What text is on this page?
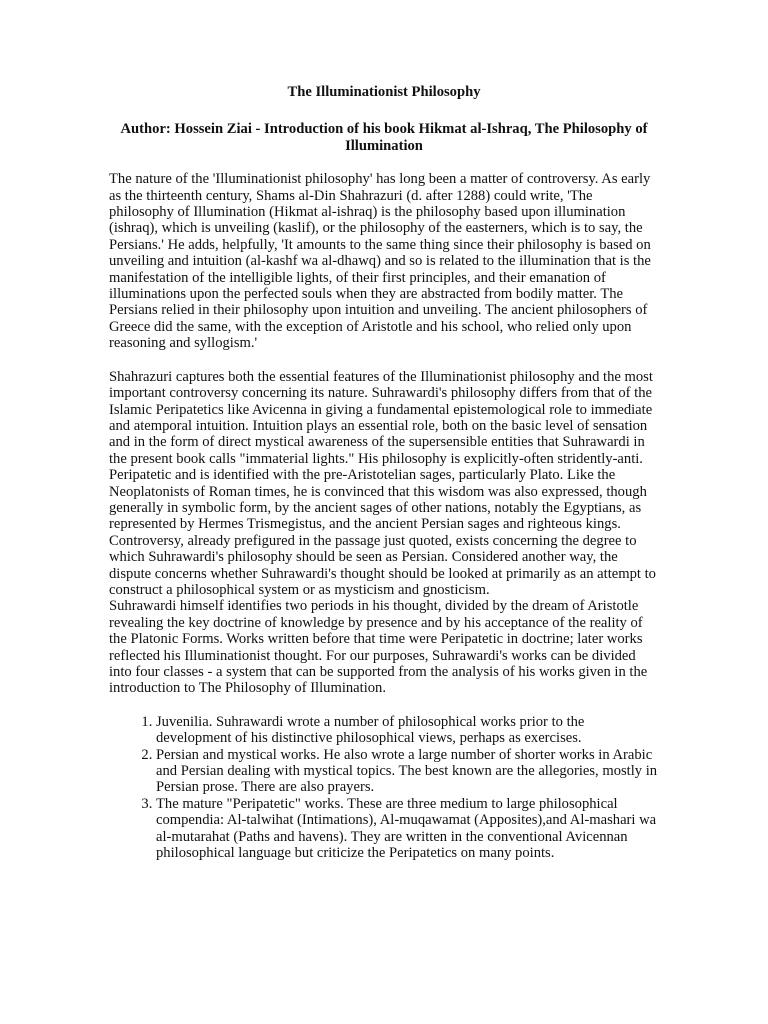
The Illuminationist Philosophy
Author: Hossein Ziai - Introduction of his book Hikmat al-Ishraq, The Philosophy of Illumination

The nature of the 'Illuminationist philosophy' has long been a matter of controversy. As early as the thirteenth century, Shams al-Din Shahrazuri (d. after 1288) could write, 'The philosophy of Illumination (Hikmat al-ishraq) is the philosophy based upon illumination (ishraq), which is unveiling (kaslif), or the philosophy of the easterners, which is to say, the Persians.' He adds, helpfully, 'It amounts to the same thing since their philosophy is based on unveiling and intuition (al-kashf wa al-dhawq) and so is related to the illumination that is the manifestation of the intelligible lights, of their first principles, and their emanation of illuminations upon the perfected souls when they are abstracted from bodily matter. The Persians relied in their philosophy upon intuition and unveiling. The ancient philosophers of Greece did the same, with the exception of Aristotle and his school, who relied only upon reasoning and syllogism.'

Shahrazuri captures both the essential features of the Illuminationist philosophy and the most important controversy concerning its nature. Suhrawardi's philosophy differs from that of the Islamic Peripatetics like Avicenna in giving a fundamental epistemological role to immediate and atemporal intuition. Intuition plays an essential role, both on the basic level of sensation and in the form of direct mystical awareness of the supersensible entities that Suhrawardi in the present book calls "immaterial lights." His philosophy is explicitly-often stridently-anti. Peripatetic and is identified with the pre-Aristotelian sages, particularly Plato. Like the Neoplatonists of Roman times, he is convinced that this wisdom was also expressed, though generally in symbolic form, by the ancient sages of other nations, notably the Egyptians, as represented by Hermes Trismegistus, and the ancient Persian sages and righteous kings. Controversy, already prefigured in the passage just quoted, exists concerning the degree to which Suhrawardi's philosophy should be seen as Persian. Considered another way, the dispute concerns whether Suhrawardi's thought should be looked at primarily as an attempt to construct a philosophical system or as mysticism and gnosticism.

Suhrawardi himself identifies two periods in his thought, divided by the dream of Aristotle revealing the key doctrine of knowledge by presence and by his acceptance of the reality of the Platonic Forms. Works written before that time were Peripatetic in doctrine; later works reflected his Illuminationist thought. For our purposes, Suhrawardi's works can be divided into four classes - a system that can be supported from the analysis of his works given in the introduction to The Philosophy of Illumination.

1. Juvenilia. Suhrawardi wrote a number of philosophical works prior to the development of his distinctive philosophical views, perhaps as exercises.
2. Persian and mystical works. He also wrote a large number of shorter works in Arabic and Persian dealing with mystical topics. The best known are the allegories, mostly in Persian prose. There are also prayers.
3. The mature "Peripatetic" works. These are three medium to large philosophical compendia: Al-talwihat (Intimations), Al-muqawamat (Apposites),and Al-mashari wa al-mutarahat (Paths and havens). They are written in the conventional Avicennan philosophical language but criticize the Peripatetics on many points.
